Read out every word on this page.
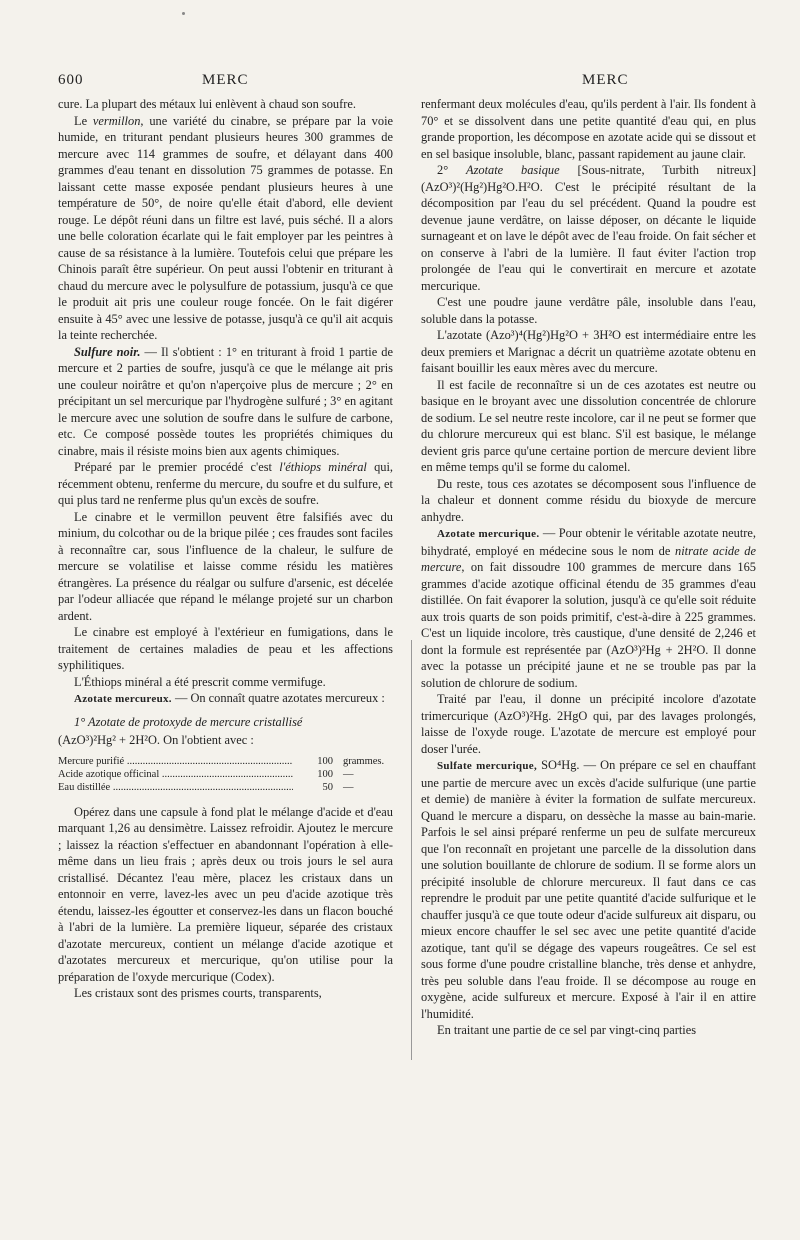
600	MERC	MERC

cure. La plupart des métaux lui enlèvent à chaud son soufre.

Le vermillon, une variété du cinabre, se prépare par la voie humide, en triturant pendant plusieurs heures 300 grammes de mercure avec 114 grammes de soufre, et délayant dans 400 grammes d'eau tenant en dissolution 75 grammes de potasse. En laissant cette masse exposée pendant plusieurs heures à une température de 50°, de noire qu'elle était d'abord, elle devient rouge. Le dépôt réuni dans un filtre est lavé, puis séché. Il a alors une belle coloration écarlate qui le fait employer par les peintres à cause de sa résistance à la lumière. Toutefois celui que prépare les Chinois paraît être supérieur. On peut aussi l'obtenir en triturant à chaud du mercure avec le polysulfure de potassium, jusqu'à ce que le produit ait pris une couleur rouge foncée. On le fait digérer ensuite à 45° avec une lessive de potasse, jusqu'à ce qu'il ait acquis la teinte recherchée.

Sulfure noir. — Il s'obtient : 1° en triturant à froid 1 partie de mercure et 2 parties de soufre, jusqu'à ce que le mélange ait pris une couleur noirâtre et qu'on n'aperçoive plus de mercure ; 2° en précipitant un sel mercurique par l'hydrogène sulfuré ; 3° en agitant le mercure avec une solution de soufre dans le sulfure de carbone, etc. Ce composé possède toutes les propriétés chimiques du cinabre, mais il résiste moins bien aux agents chimiques.

Préparé par le premier procédé c'est l'éthiops minéral qui, récemment obtenu, renferme du mercure, du soufre et du sulfure, et qui plus tard ne renferme plus qu'un excès de soufre.

Le cinabre et le vermillon peuvent être falsifiés avec du minium, du colcothar ou de la brique pilée ; ces fraudes sont faciles à reconnaître car, sous l'influence de la chaleur, le sulfure de mercure se volatilise et laisse comme résidu les matières étrangères. La présence du réalgar ou sulfure d'arsenic, est décelée par l'odeur alliacée que répand le mélange projeté sur un charbon ardent.

Le cinabre est employé à l'extérieur en fumigations, dans le traitement de certaines maladies de peau et les affections syphilitiques.

L'Éthiops minéral a été prescrit comme vermifuge.

Azotate mercureux. — On connaît quatre azotates mercureux :

1° Azotate de protoxyde de mercure cristallisé

(AzO³)²Hg² + 2H²O. On l'obtient avec :

Mercure purifié .....	100 grammes.
Acide azotique officinal .....	100 —
Eau distillée .....	50 —

Opérez dans une capsule à fond plat le mélange d'acide et d'eau marquant 1,26 au densimètre. Laissez refroidir. Ajoutez le mercure ; laissez la réaction s'effectuer en abandonnant l'opération à elle-même dans un lieu frais ; après deux ou trois jours le sel aura cristallisé. Décantez l'eau mère, placez les cristaux dans un entonnoir en verre, lavez-les avec un peu d'acide azotique très étendu, laissez-les égoutter et conservez-les dans un flacon bouché à l'abri de la lumière. La première liqueur, séparée des cristaux d'azotate mercureux, contient un mélange d'acide azotique et d'azotates mercureux et mercurique, qu'on utilise pour la préparation de l'oxyde mercurique (Codex).

Les cristaux sont des prismes courts, transparents,

renfermant deux molécules d'eau, qu'ils perdent à l'air. Ils fondent à 70° et se dissolvent dans une petite quantité d'eau qui, en plus grande proportion, les décompose en azotate acide qui se dissout et en sel basique insoluble, blanc, passant rapidement au jaune clair.

2° Azotate basique [Sous-nitrate, Turbith nitreux] (AzO³)²(Hg²)Hg²O.H²O. C'est le précipité résultant de la décomposition par l'eau du sel précédent. Quand la poudre est devenue jaune verdâtre, on laisse déposer, on décante le liquide surnageant et on lave le dépôt avec de l'eau froide. On fait sécher et on conserve à l'abri de la lumière. Il faut éviter l'action trop prolongée de l'eau qui le convertirait en mercure et azotate mercurique.

C'est une poudre jaune verdâtre pâle, insoluble dans l'eau, soluble dans la potasse.

L'azotate (Azo³)⁴(Hg²)Hg²O + 3H²O est intermédiaire entre les deux premiers et Marignac a décrit un quatrième azotate obtenu en faisant bouillir les eaux mères avec du mercure.

Il est facile de reconnaître si un de ces azotates est neutre ou basique en le broyant avec une dissolution concentrée de chlorure de sodium. Le sel neutre reste incolore, car il ne peut se former que du chlorure mercureux qui est blanc. S'il est basique, le mélange devient gris parce qu'une certaine portion de mercure devient libre en même temps qu'il se forme du calomel.

Du reste, tous ces azotates se décomposent sous l'influence de la chaleur et donnent comme résidu du bioxyde de mercure anhydre.

Azotate mercurique. — Pour obtenir le véritable azotate neutre, bihydraté, employé en médecine sous le nom de nitrate acide de mercure, on fait dissoudre 100 grammes de mercure dans 165 grammes d'acide azotique officinal étendu de 35 grammes d'eau distillée. On fait évaporer la solution, jusqu'à ce qu'elle soit réduite aux trois quarts de son poids primitif, c'est-à-dire à 225 grammes. C'est un liquide incolore, très caustique, d'une densité de 2,246 et dont la formule est représentée par (AzO³)²Hg + 2H²O. Il donne avec la potasse un précipité jaune et ne se trouble pas par la solution de chlorure de sodium.

Traité par l'eau, il donne un précipité incolore d'azotate trimercurique (AzO³)²Hg. 2HgO qui, par des lavages prolongés, laisse de l'oxyde rouge. L'azotate de mercure est employé pour doser l'urée.

Sulfate mercurique, SO⁴Hg. — On prépare ce sel en chauffant une partie de mercure avec un excès d'acide sulfurique (une partie et demie) de manière à éviter la formation de sulfate mercureux. Quand le mercure a disparu, on dessèche la masse au bain-marie. Parfois le sel ainsi préparé renferme un peu de sulfate mercureux que l'on reconnaît en projetant une parcelle de la dissolution dans une solution bouillante de chlorure de sodium. Il se forme alors un précipité insoluble de chlorure mercureux. Il faut dans ce cas reprendre le produit par une petite quantité d'acide sulfurique et le chauffer jusqu'à ce que toute odeur d'acide sulfureux ait disparu, ou mieux encore chauffer le sel sec avec une petite quantité d'acide azotique, tant qu'il se dégage des vapeurs rougeâtres. Ce sel est sous forme d'une poudre cristalline blanche, très dense et anhydre, très peu soluble dans l'eau froide. Il se décompose au rouge en oxygène, acide sulfureux et mercure. Exposé à l'air il en attire l'humidité.

En traitant une partie de ce sel par vingt-cinq parties
